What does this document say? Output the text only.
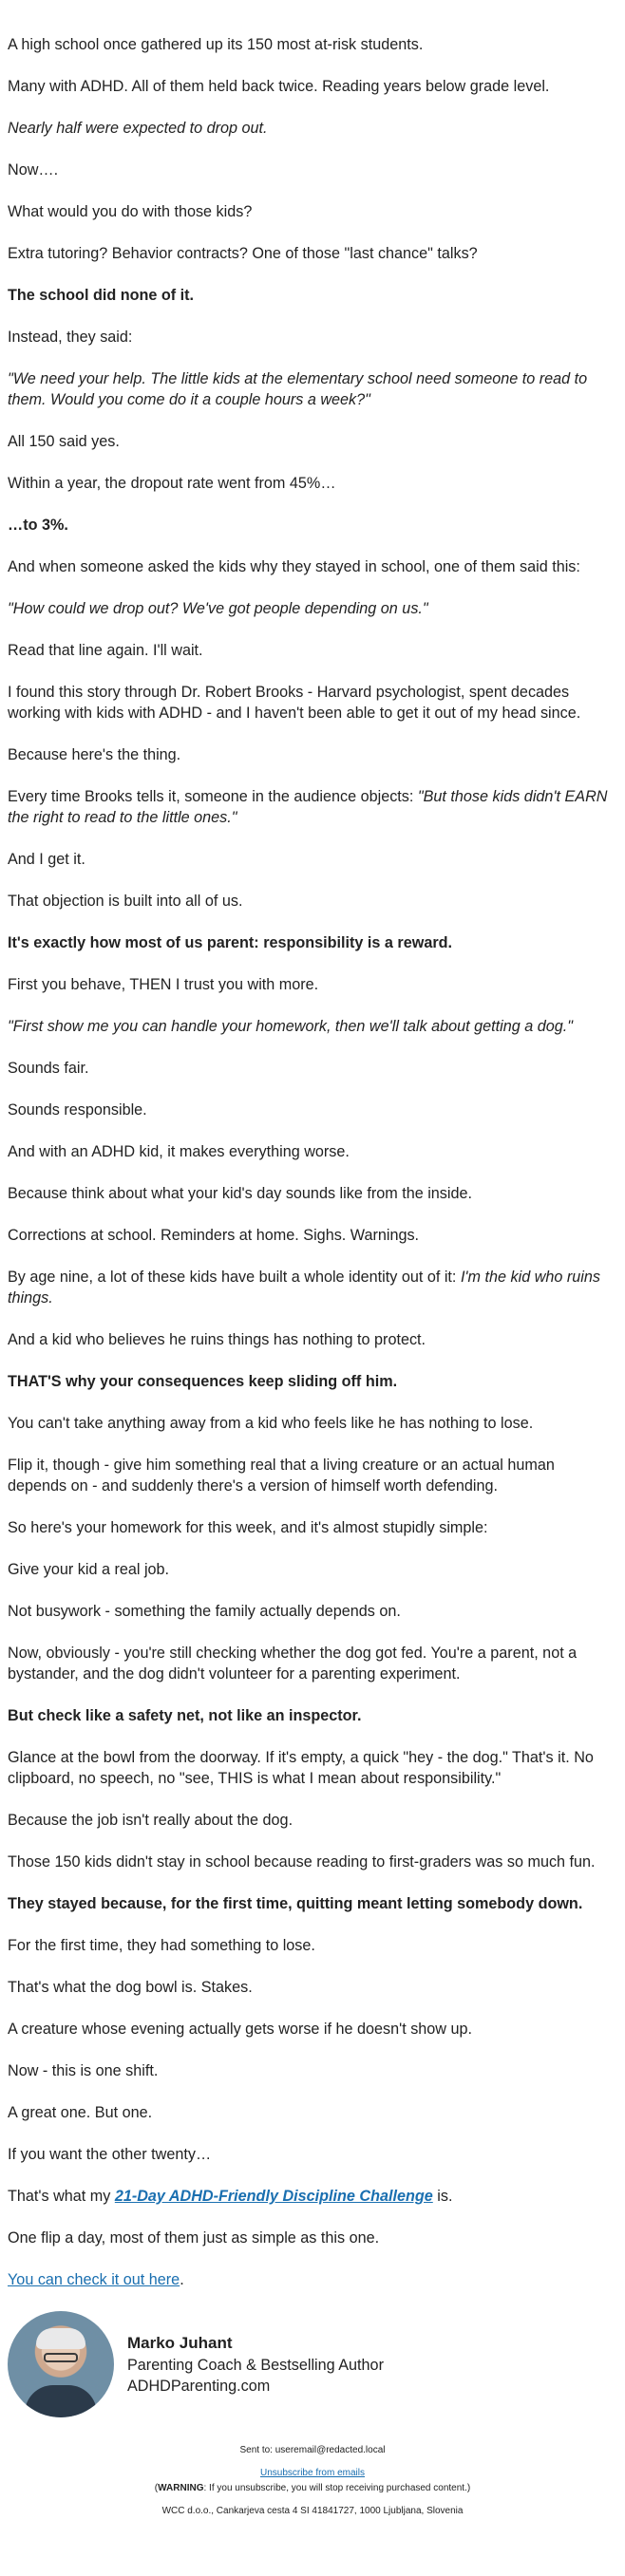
A high school once gathered up its 150 most at-risk students.

Many with ADHD. All of them held back twice. Reading years below grade level.

Nearly half were expected to drop out.

Now….

What would you do with those kids?

Extra tutoring? Behavior contracts? One of those "last chance" talks?

The school did none of it.

Instead, they said:

"We need your help. The little kids at the elementary school need someone to read to them. Would you come do it a couple hours a week?"

All 150 said yes.

Within a year, the dropout rate went from 45%…

…to 3%.

And when someone asked the kids why they stayed in school, one of them said this:

"How could we drop out? We've got people depending on us."

Read that line again. I'll wait.

I found this story through Dr. Robert Brooks - Harvard psychologist, spent decades working with kids with ADHD - and I haven't been able to get it out of my head since.

Because here's the thing.

Every time Brooks tells it, someone in the audience objects: "But those kids didn't EARN the right to read to the little ones."

And I get it.

That objection is built into all of us.

It's exactly how most of us parent: responsibility is a reward.

First you behave, THEN I trust you with more.

"First show me you can handle your homework, then we'll talk about getting a dog."

Sounds fair.

Sounds responsible.

And with an ADHD kid, it makes everything worse.

Because think about what your kid's day sounds like from the inside.

Corrections at school. Reminders at home. Sighs. Warnings.

By age nine, a lot of these kids have built a whole identity out of it: I'm the kid who ruins things.

And a kid who believes he ruins things has nothing to protect.

THAT'S why your consequences keep sliding off him.

You can't take anything away from a kid who feels like he has nothing to lose.

Flip it, though - give him something real that a living creature or an actual human depends on - and suddenly there's a version of himself worth defending.

So here's your homework for this week, and it's almost stupidly simple:

Give your kid a real job.

Not busywork - something the family actually depends on.

Now, obviously - you're still checking whether the dog got fed. You're a parent, not a bystander, and the dog didn't volunteer for a parenting experiment.

But check like a safety net, not like an inspector.

Glance at the bowl from the doorway. If it's empty, a quick "hey - the dog." That's it. No clipboard, no speech, no "see, THIS is what I mean about responsibility."

Because the job isn't really about the dog.

Those 150 kids didn't stay in school because reading to first-graders was so much fun.

They stayed because, for the first time, quitting meant letting somebody down.

For the first time, they had something to lose.

That's what the dog bowl is. Stakes.

A creature whose evening actually gets worse if he doesn't show up.

Now - this is one shift.

A great one. But one.

If you want the other twenty…

That's what my 21-Day ADHD-Friendly Discipline Challenge is.

One flip a day, most of them just as simple as this one.

You can check it out here.

Marko Juhant
Parenting Coach & Bestselling Author
ADHDParenting.com
Sent to: useremail@redacted.local
Unsubscribe from emails
(WARNING: If you unsubscribe, you will stop receiving purchased content.)
WCC d.o.o., Cankarjeva cesta 4 SI 41841727, 1000 Ljubljana, Slovenia
